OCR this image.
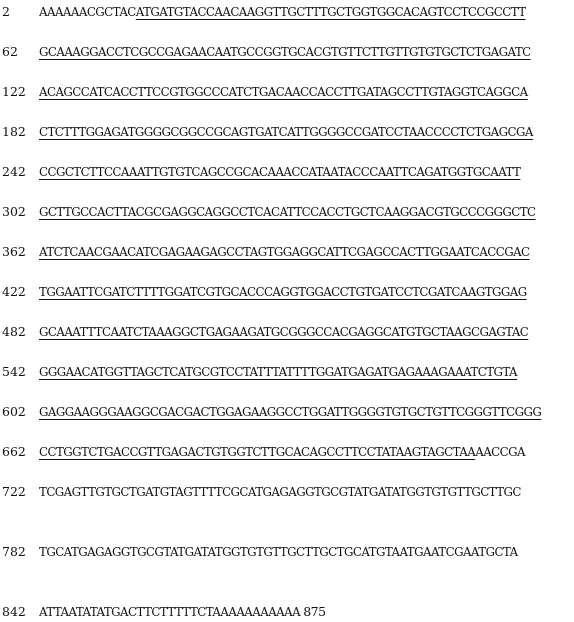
2	AAAAAACGCTACATGATGTACCAACAAGGTTGCTTTGCTGGTGGCACAGTCCTCCGCCTT
62	GCAAAGGACCTCGCCGAGAACAATGCCGGTGCACGTGTTCTTGTTGTGTGCTCTGAGATC
122	ACAGCCATCACCTTCCGTGGCCCATCTGACAACCACCTTGATAGCCTTGTAGGTCAGGCA
182	CTCTTTGGAGATGGGGCGGCCGCAGTGATCATTGGGGCCGATCCTAACCCCTCTGAGCGA
242	CCGCTCTTCCAAATTGTGTCAGCCGCACAAACCATAATACCCAATTCAGATGGTGCAATT
302	GCTTGCCACTTACGCGAGGCAGGCCTCACATTCCACCTGCTCAAGGACGTGCCCGGGCTC
362	ATCTCAACGAACATCGAGAAGAGCCTAGTGGAGGCATTCGAGCCACTTGGAATCACCGAC
422	TGGAATTCGATCTTTTGGATCGTGCACCCAGGTGGACCTGTGATCCTCGATCAAGTGGAG
482	GCAAATTTCAATCTAAAGGCTGAGAAGATGCGGGCCACGAGGCATGTGCTAAGCGAGTAC
542	GGGAACATGGTTAGCTCATGCGTCCTATTTATTTTGGATGAGATGAGAAAGAAATCTGTA
602	GAGGAAGGGAAGGCGACGACTGGAGAAGGCCTGGATTGGGGTGTGCTGTTCGGGTTCGGG
662	CCTGGTCTGACCGTTGAGACTGTGGTCTTGCACAGCCTTCCTATAAGTAGCTAAAACCGA
722	TCGAGTTGTGCTGATGTAGTTTTCGCATGAGAGGTGCGTATGATATGGTGTGTTGCTTGC
782	TGCATGAGAGGTGCGTATGATATGGTGTGTTGCTTGCTGCATGTAATGAATCGAATGCTA
842	ATTAATATATGACTTCTTTTTCTAAAAAAAAAAA 875
